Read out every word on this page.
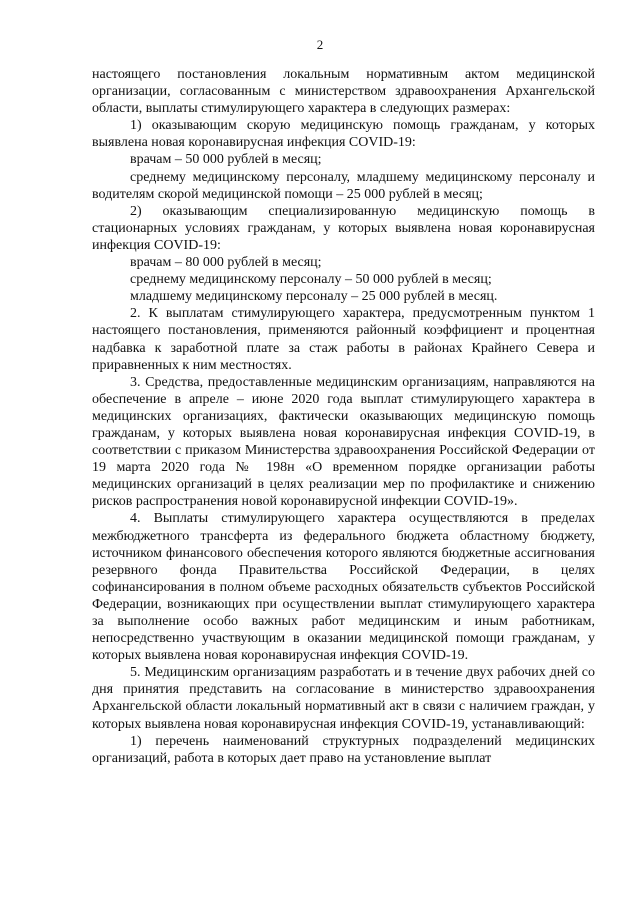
2

настоящего постановления локальным нормативным актом медицинской организации, согласованным с министерством здравоохранения Архангельской области, выплаты стимулирующего характера в следующих размерах:

1) оказывающим скорую медицинскую помощь гражданам, у которых выявлена новая коронавирусная инфекция COVID-19:

врачам – 50 000 рублей в месяц;

среднему медицинскому персоналу, младшему медицинскому персоналу и водителям скорой медицинской помощи – 25 000 рублей в месяц;

2) оказывающим специализированную медицинскую помощь в стационарных условиях гражданам, у которых выявлена новая коронавирусная инфекция COVID-19:

врачам – 80 000 рублей в месяц;

среднему медицинскому персоналу – 50 000 рублей в месяц;

младшему медицинскому персоналу – 25 000 рублей в месяц.

2. К выплатам стимулирующего характера, предусмотренным пунктом 1 настоящего постановления, применяются районный коэффициент и процентная надбавка к заработной плате за стаж работы в районах Крайнего Севера и приравненных к ним местностях.

3. Средства, предоставленные медицинским организациям, направляются на обеспечение в апреле – июне 2020 года выплат стимулирующего характера в медицинских организациях, фактически оказывающих медицинскую помощь гражданам, у которых выявлена новая коронавирусная инфекция COVID-19, в соответствии с приказом Министерства здравоохранения Российской Федерации от 19 марта 2020 года № 198н «О временном порядке организации работы медицинских организаций в целях реализации мер по профилактике и снижению рисков распространения новой коронавирусной инфекции COVID-19».

4. Выплаты стимулирующего характера осуществляются в пределах межбюджетного трансферта из федерального бюджета областному бюджету, источником финансового обеспечения которого являются бюджетные ассигнования резервного фонда Правительства Российской Федерации, в целях софинансирования в полном объеме расходных обязательств субъектов Российской Федерации, возникающих при осуществлении выплат стимулирующего характера за выполнение особо важных работ медицинским и иным работникам, непосредственно участвующим в оказании медицинской помощи гражданам, у которых выявлена новая коронавирусная инфекция COVID-19.

5. Медицинским организациям разработать и в течение двух рабочих дней со дня принятия представить на согласование в министерство здравоохранения Архангельской области локальный нормативный акт в связи с наличием граждан, у которых выявлена новая коронавирусная инфекция COVID-19, устанавливающий:

1) перечень наименований структурных подразделений медицинских организаций, работа в которых дает право на установление выплат
